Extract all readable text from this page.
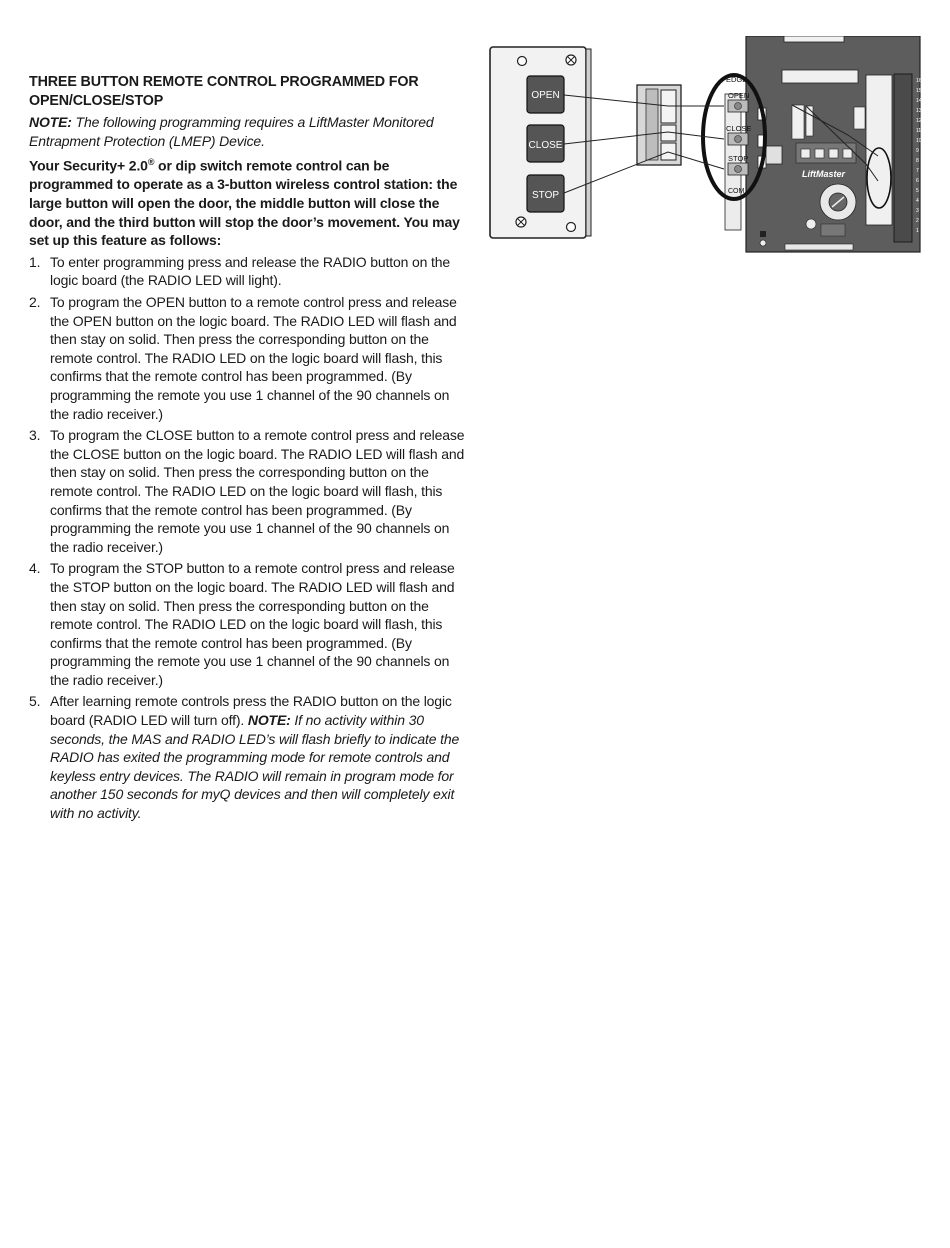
THREE BUTTON REMOTE CONTROL PROGRAMMED FOR OPEN/CLOSE/STOP

NOTE: The following programming requires a LiftMaster Monitored Entrapment Protection (LMEP) Device.

Your Security+ 2.0® or dip switch remote control can be programmed to operate as a 3-button wireless control station: the large button will open the door, the middle button will close the door, and the third button will stop the door’s movement. You may set up this feature as follows:

1. To enter programming press and release the RADIO button on the logic board (the RADIO LED will light).
2. To program the OPEN button to a remote control press and release the OPEN button on the logic board. The RADIO LED will flash and then stay on solid. Then press the corresponding button on the remote control. The RADIO LED on the logic board will flash, this confirms that the remote control has been programmed. (By programming the remote you use 1 channel of the 90 channels on the radio receiver.)
3. To program the CLOSE button to a remote control press and release the CLOSE button on the logic board. The RADIO LED will flash and then stay on solid. Then press the corresponding button on the remote control. The RADIO LED on the logic board will flash, this confirms that the remote control has been programmed. (By programming the remote you use 1 channel of the 90 channels on the radio receiver.)
4. To program the STOP button to a remote control press and release the STOP button on the logic board. The RADIO LED will flash and then stay on solid. Then press the corresponding button on the remote control. The RADIO LED on the logic board will flash, this confirms that the remote control has been programmed. (By programming the remote you use 1 channel of the 90 channels on the radio receiver.)
5. After learning remote controls press the RADIO button on the logic board (RADIO LED will turn off). NOTE: If no activity within 30 seconds, the MAS and RADIO LED’s will flash briefly to indicate the RADIO has exited the programming mode for remote controls and keyless entry devices. The RADIO will remain in program mode for another 150 seconds for myQ devices and then will completely exit with no activity.
OPEN
CLOSE
STOP
LiftMaster
EDGE
OPEN
CLOSE
STOP
COM
16
15
14
13
12
11
10
9
8
7
6
5
4
3
2
1
